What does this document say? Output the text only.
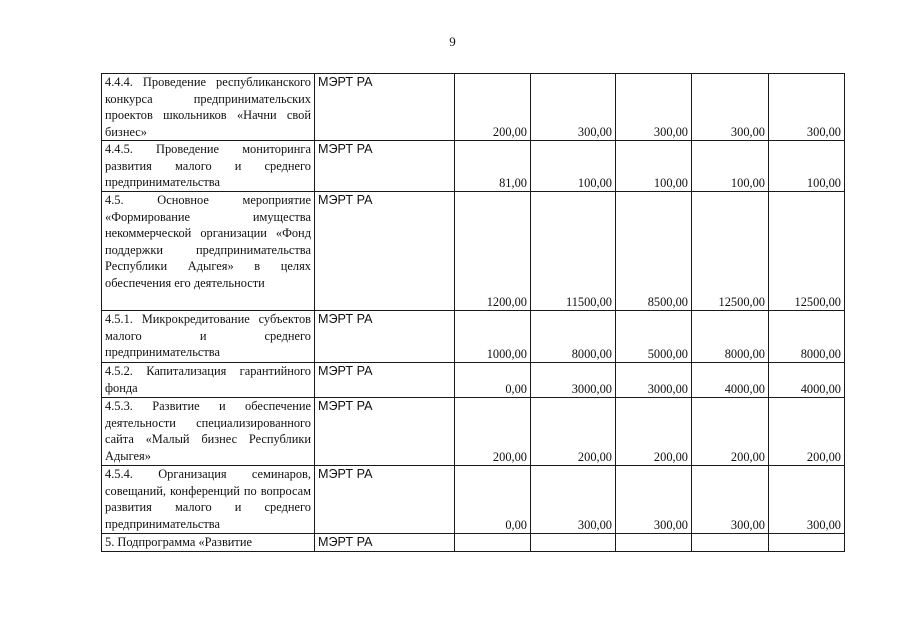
9
4.4.4. Проведение республиканского конкурса предпринимательских проектов школьников «Начни свой бизнес»	МЭРТ РА	200,00	300,00	300,00	300,00	300,00
4.4.5. Проведение мониторинга развития малого и среднего предпринимательства	МЭРТ РА	81,00	100,00	100,00	100,00	100,00
4.5. Основное мероприятие «Формирование имущества некоммерческой организации «Фонд поддержки предпринимательства Республики Адыгея» в целях обеспечения его деятельности	МЭРТ РА	1200,00	11500,00	8500,00	12500,00	12500,00
4.5.1. Микрокредитование субъектов малого и среднего предпринимательства	МЭРТ РА	1000,00	8000,00	5000,00	8000,00	8000,00
4.5.2. Капитализация гарантийного фонда	МЭРТ РА	0,00	3000,00	3000,00	4000,00	4000,00
4.5.3. Развитие и обеспечение деятельности специализированного сайта «Малый бизнес Республики Адыгея»	МЭРТ РА	200,00	200,00	200,00	200,00	200,00
4.5.4. Организация семинаров, совещаний, конференций по вопросам развития малого и среднего предпринимательства	МЭРТ РА	0,00	300,00	300,00	300,00	300,00
5. Подпрограмма «Развитие	МЭРТ РА					
